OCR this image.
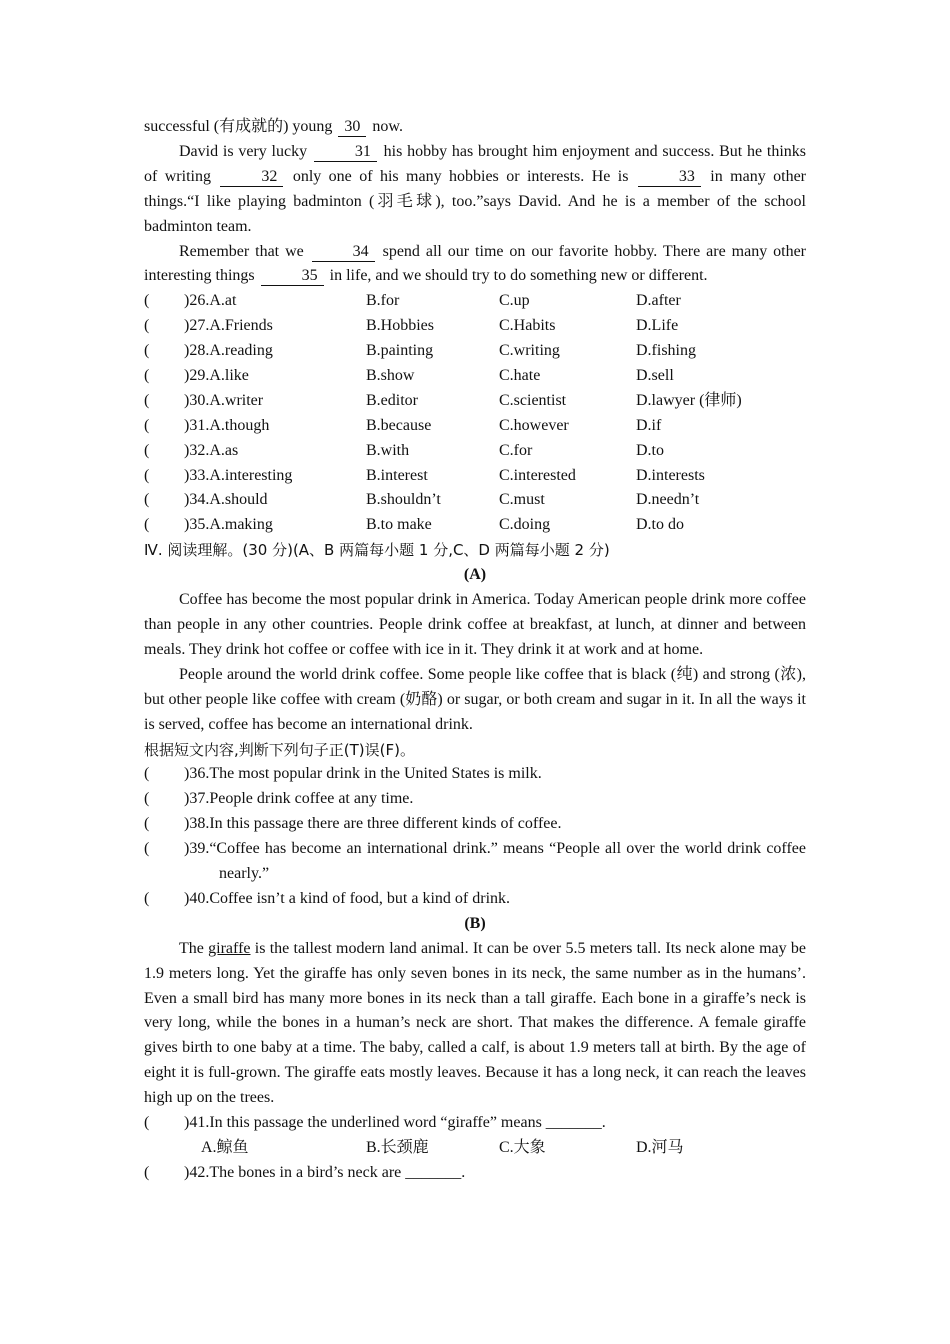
successful (有成就的) young 30 now.
David is very lucky	31 his hobby has brought him enjoyment and success. But he thinks of writing	32 only one of his many hobbies or interests. He is	33 in many other things.“I like playing badminton (羽毛球), too.”says David. And he is a member of the school badminton team.
Remember that we	34 spend all our time on our favorite hobby. There are many other interesting things	35 in life, and we should try to do something new or different.
( )26.A.at	B.for	C.up	D.after
( )27.A.Friends	B.Hobbies	C.Habits	D.Life
( )28.A.reading	B.painting	C.writing	D.fishing
( )29.A.like	B.show	C.hate	D.sell
( )30.A.writer	B.editor	C.scientist	D.lawyer (律师)
( )31.A.though	B.because	C.however	D.if
( )32.A.as	B.with	C.for	D.to
( )33.A.interesting	B.interest	C.interested	D.interests
( )34.A.should	B.shouldn’t	C.must	D.needn’t
( )35.A.making	B.to make	C.doing	D.to do
Ⅳ. 阅读理解。(30 分)(A、B 两篇每小题 1 分,C、D 两篇每小题 2 分)
(A)
Coffee has become the most popular drink in America. Today American people drink more coffee than people in any other countries. People drink coffee at breakfast, at lunch, at dinner and between meals. They drink hot coffee or coffee with ice in it. They drink it at work and at home.
People around the world drink coffee. Some people like coffee that is black (纯) and strong (浓), but other people like coffee with cream (奶酪) or sugar, or both cream and sugar in it. In all the ways it is served, coffee has become an international drink.
根据短文内容,判断下列句子正(T)误(F)。
(	)36.The most popular drink in the United States is milk.
(	)37.People drink coffee at any time.
(	)38.In this passage there are three different kinds of coffee.
(	)39.“Coffee has become an international drink.” means “People all over the world drink coffee nearly.”
(	)40.Coffee isn’t a kind of food, but a kind of drink.
(B)
The giraffe is the tallest modern land animal. It can be over 5.5 meters tall. Its neck alone may be 1.9 meters long. Yet the giraffe has only seven bones in its neck, the same number as in the humans’. Even a small bird has many more bones in its neck than a tall giraffe. Each bone in a giraffe’s neck is very long, while the bones in a human’s neck are short. That makes the difference. A female giraffe gives birth to one baby at a time. The baby, called a calf, is about 1.9 meters tall at birth. By the age of eight it is full-grown. The giraffe eats mostly leaves. Because it has a long neck, it can reach the leaves high up on the trees.
(	)41.In this passage the underlined word “giraffe” means _______.
A.鲸鱼	B.长颈鹿	C.大象	D.河马
(	)42.The bones in a bird’s neck are _______.
